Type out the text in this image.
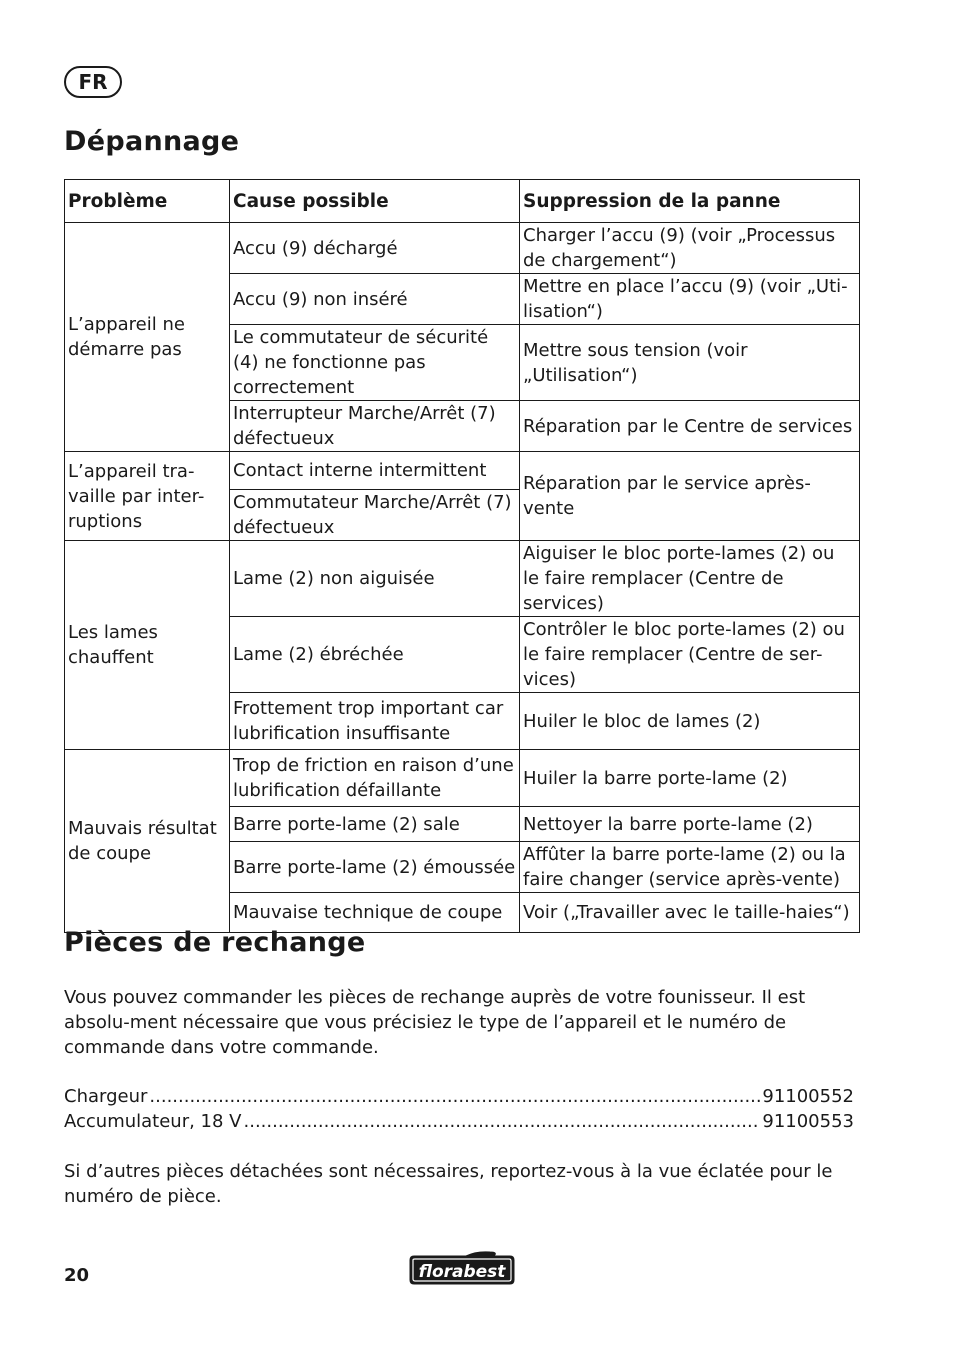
FR
Dépannage
Problème	Cause possible	Suppression de la panne
L’appareil ne démarre pas	Accu (9) déchargé	Charger l’accu (9) (voir „Processus de chargement“)
	Accu (9) non inséré	Mettre en place l’accu (9) (voir „Uti-lisation“)
	Le commutateur de sécurité (4) ne fonctionne pas correctement	Mettre sous tension (voir „Utilisation“)
	Interrupteur Marche/Arrêt (7) défectueux	Réparation par le Centre de services
L’appareil tra-vaille par inter-ruptions	Contact interne intermittent	Réparation par le service après-vente
	Commutateur Marche/Arrêt (7) défectueux	
Les lames chauffent	Lame (2) non aiguisée	Aiguiser le bloc porte-lames (2) ou le faire remplacer (Centre de services)
	Lame (2) ébréchée	Contrôler le bloc porte-lames (2) ou le faire remplacer (Centre de ser-vices)
	Frottement trop important car lubrification insuffisante	Huiler le bloc de lames (2)
Mauvais résultat de coupe	Trop de friction en raison d’une lubrification défaillante	Huiler la barre porte-lame (2)
	Barre porte-lame (2) sale	Nettoyer la barre porte-lame (2)
	Barre porte-lame (2) émoussée	Affûter la barre porte-lame (2) ou la faire changer (service après-vente)
	Mauvaise technique de coupe	Voir („Travailler avec le taille-haies“)
Pièces de rechange

Vous pouvez commander les pièces de rechange auprès de votre founisseur. Il est absolu-ment nécessaire que vous précisiez le type de l’appareil et le numéro de commande dans votre commande.

Chargeur .....	91100552
Accumulateur, 18 V .....	91100553

Si d’autres pièces détachées sont nécessaires, reportez-vous à la vue éclatée pour le numéro de pièce.

20	florabest
